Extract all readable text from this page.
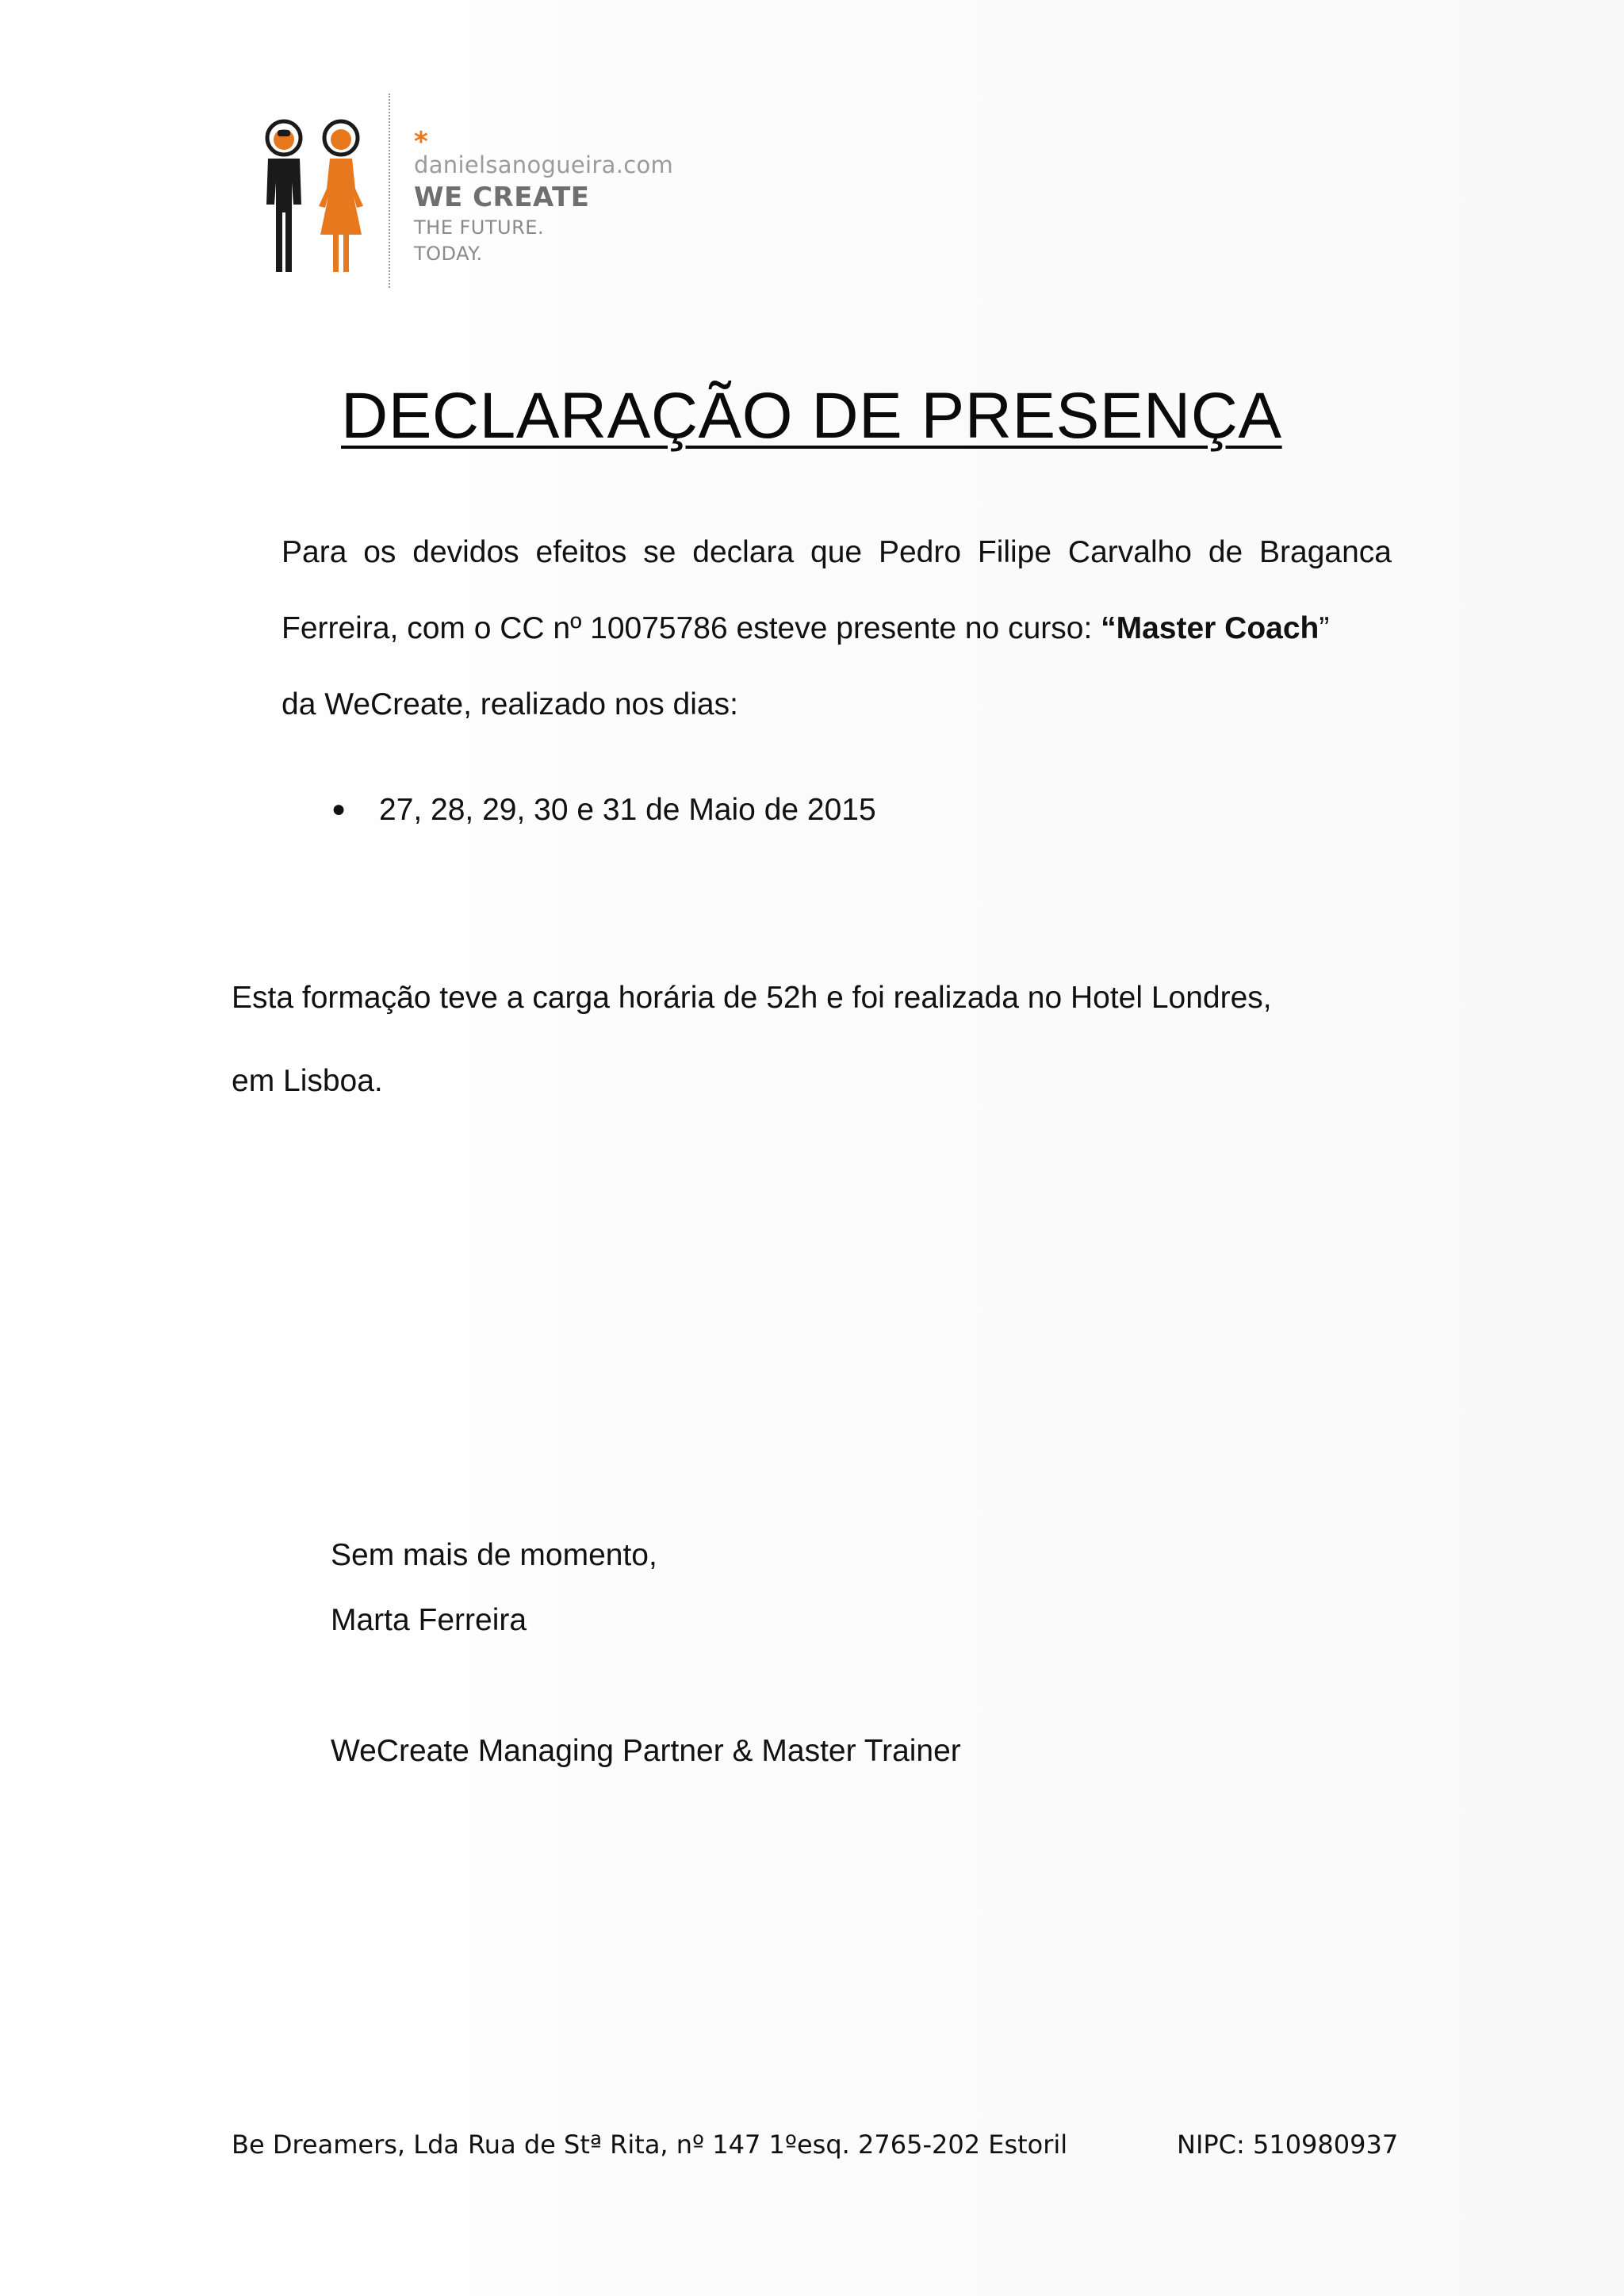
*
danielsanogueira.com
WE CREATE
THE FUTURE.
TODAY.
DECLARAÇÃO DE PRESENÇA
Para os devidos efeitos se declara que Pedro Filipe Carvalho de Braganca
Ferreira, com o CC nº 10075786 esteve presente no curso: “Master Coach”
da WeCreate, realizado nos dias:
● 27, 28, 29, 30 e 31 de Maio de 2015
Esta formação teve a carga horária de 52h e foi realizada no Hotel Londres,
em Lisboa.
Sem mais de momento,
Marta Ferreira
WeCreate Managing Partner & Master Trainer
Be Dreamers, Lda Rua de Stª Rita, nº 147 1ºesq. 2765-202 Estoril	NIPC: 510980937
